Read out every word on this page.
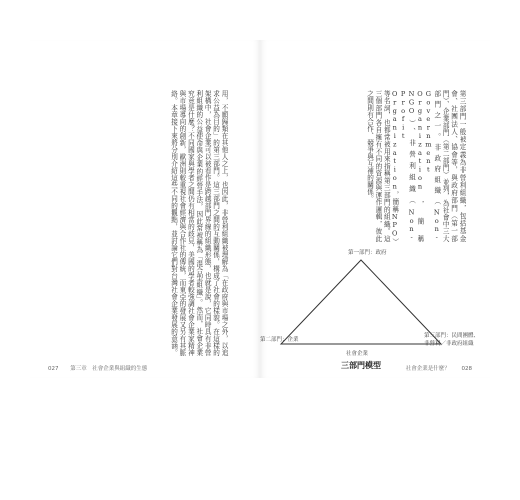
用，不願歸類在其他人之上，也因此，非營利組織被理解為「在政府與市場之外，以追求公益為目的」的第三部門。這三部門之間的互動關係，構成了社會的樣貌。在這樣的架構中，社會企業可以被看作是跨越部門界線的組織形態，也就是說，它同時具有非營利組織的公益使命與企業的經營手法，因此常被稱為「混合型組織」。然而，社會企業究竟是什麼？不同國家與學者之間仍有相當的歧見，美國的學者較強調社會企業家精神與市場導向的創新，歐洲則較重視社會經濟與合作社的傳統，而東亞的發展又另有其脈絡。本章接下來將分別介紹這些不同的觀點，並討論它們對台灣社會企業發展的意涵。
027 第三章　社會企業與組織的生態
第三部門一般被定義為非營利組織，包括基金會、社團法人、協會等，與政府部門（第一部門）、企業部門（第二部門）並列，為社會中三大部門之一。非政府組織（Non-Government Organization，簡稱NGO）、非營利組織（Non-Profit Organization，簡稱NPO）等名詞，也都常被用來指稱第三部門的組織。這三個部門各自擁有不同的資源與運作邏輯，彼此之間則有合作、競爭與互補的關係。
社會企業是什麼？ 028
第一部門：政府
第二部門：企業
第三部門：民間團體、
非營利／非政府組織
社會企業
三部門模型
